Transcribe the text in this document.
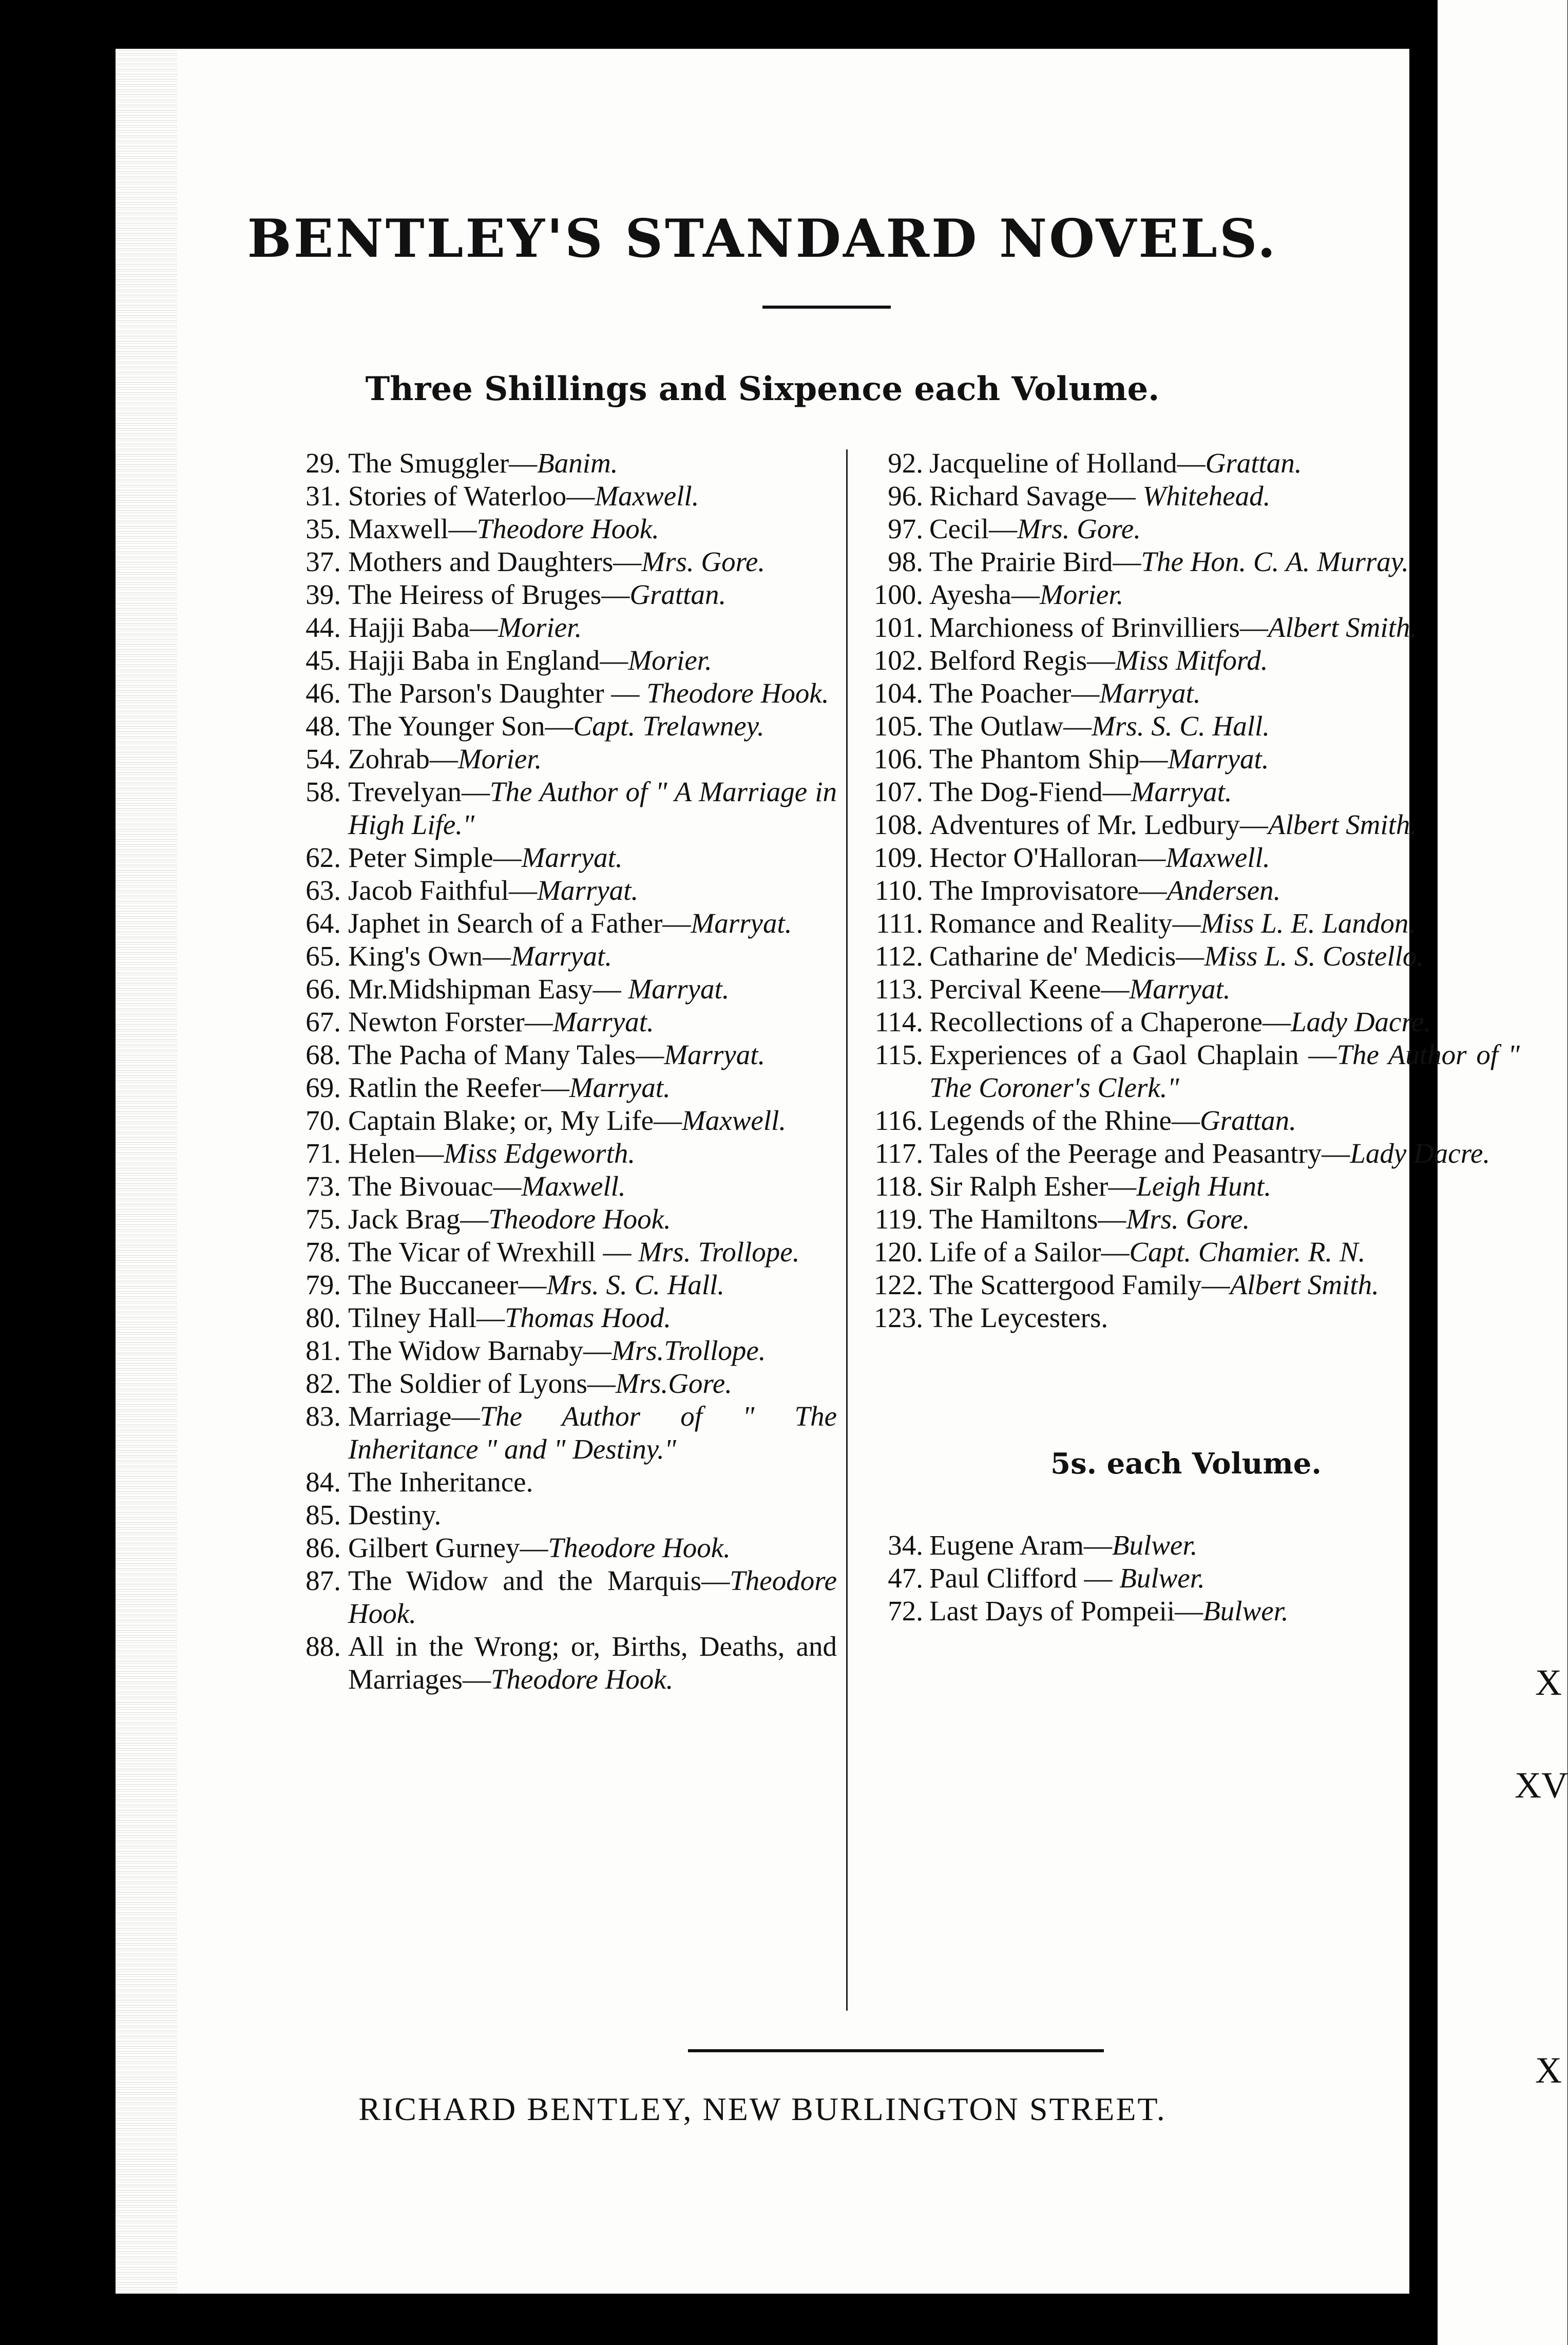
X
XV
X
BENTLEY'S STANDARD NOVELS.
Three Shillings and Sixpence each Volume.
29. The Smuggler—Banim.
31. Stories of Waterloo—Maxwell.
35. Maxwell—Theodore Hook.
37. Mothers and Daughters—Mrs. Gore.
39. The Heiress of Bruges—Grattan.
44. Hajji Baba—Morier.
45. Hajji Baba in England—Morier.
46. The Parson's Daughter — Theodore Hook.
48. The Younger Son—Capt. Trelawney.
54. Zohrab—Morier.
58. Trevelyan—The Author of " A Marriage in High Life."
62. Peter Simple—Marryat.
63. Jacob Faithful—Marryat.
64. Japhet in Search of a Father—Marryat.
65. King's Own—Marryat.
66. Mr.Midshipman Easy— Marryat.
67. Newton Forster—Marryat.
68. The Pacha of Many Tales—Marryat.
69. Ratlin the Reefer—Marryat.
70. Captain Blake; or, My Life—Maxwell.
71. Helen—Miss Edgeworth.
73. The Bivouac—Maxwell.
75. Jack Brag—Theodore Hook.
78. The Vicar of Wrexhill — Mrs. Trollope.
79. The Buccaneer—Mrs. S. C. Hall.
80. Tilney Hall—Thomas Hood.
81. The Widow Barnaby—Mrs.Trollope.
82. The Soldier of Lyons—Mrs.Gore.
83. Marriage—The Author of " The Inheritance " and " Destiny."
84. The Inheritance.
85. Destiny.
86. Gilbert Gurney—Theodore Hook.
87. The Widow and the Marquis—Theodore Hook.
88. All in the Wrong; or, Births, Deaths, and Marriages—Theodore Hook.
92. Jacqueline of Holland—Grattan.
96. Richard Savage— Whitehead.
97. Cecil—Mrs. Gore.
98. The Prairie Bird—The Hon. C. A. Murray.
100. Ayesha—Morier.
101. Marchioness of Brinvilliers—Albert Smith.
102. Belford Regis—Miss Mitford.
104. The Poacher—Marryat.
105. The Outlaw—Mrs. S. C. Hall.
106. The Phantom Ship—Marryat.
107. The Dog-Fiend—Marryat.
108. Adventures of Mr. Ledbury—Albert Smith.
109. Hector O'Halloran—Maxwell.
110. The Improvisatore—Andersen.
111. Romance and Reality—Miss L. E. Landon.
112. Catharine de' Medicis—Miss L. S. Costello.
113. Percival Keene—Marryat.
114. Recollections of a Chaperone—Lady Dacre.
115. Experiences of a Gaol Chaplain —The Author of " The Coroner's Clerk."
116. Legends of the Rhine—Grattan.
117. Tales of the Peerage and Peasantry—Lady Dacre.
118. Sir Ralph Esher—Leigh Hunt.
119. The Hamiltons—Mrs. Gore.
120. Life of a Sailor—Capt. Chamier. R. N.
122. The Scattergood Family—Albert Smith.
123. The Leycesters.
5s. each Volume.
34. Eugene Aram—Bulwer.
47. Paul Clifford — Bulwer.
72. Last Days of Pompeii—Bulwer.
RICHARD BENTLEY, NEW BURLINGTON STREET.
